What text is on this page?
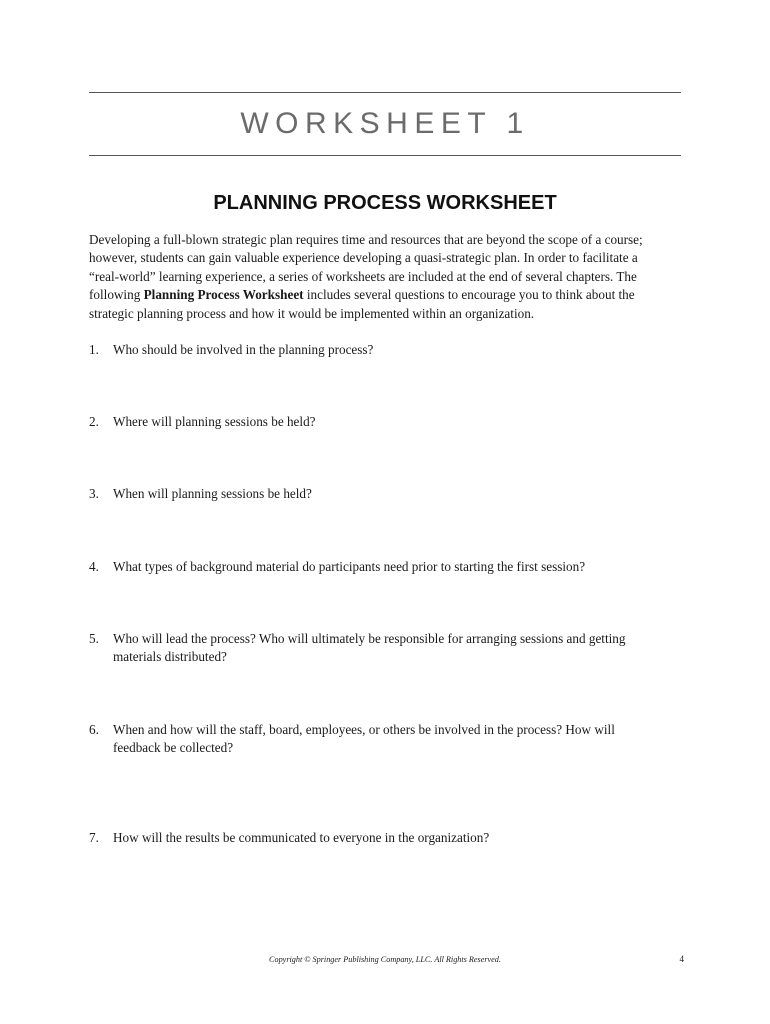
WORKSHEET 1
PLANNING PROCESS WORKSHEET

Developing a full-blown strategic plan requires time and resources that are beyond the scope of a course;
however, students can gain valuable experience developing a quasi-strategic plan. In order to facilitate a
“real-world” learning experience, a series of worksheets are included at the end of several chapters. The
following Planning Process Worksheet includes several questions to encourage you to think about the
strategic planning process and how it would be implemented within an organization.

1. Who should be involved in the planning process?
2. Where will planning sessions be held?
3. When will planning sessions be held?
4. What types of background material do participants need prior to starting the first session?
5. Who will lead the process? Who will ultimately be responsible for arranging sessions and getting
materials distributed?
6. When and how will the staff, board, employees, or others be involved in the process? How will
feedback be collected?
7. How will the results be communicated to everyone in the organization?
Copyright © Springer Publishing Company, LLC. All Rights Reserved.	4
